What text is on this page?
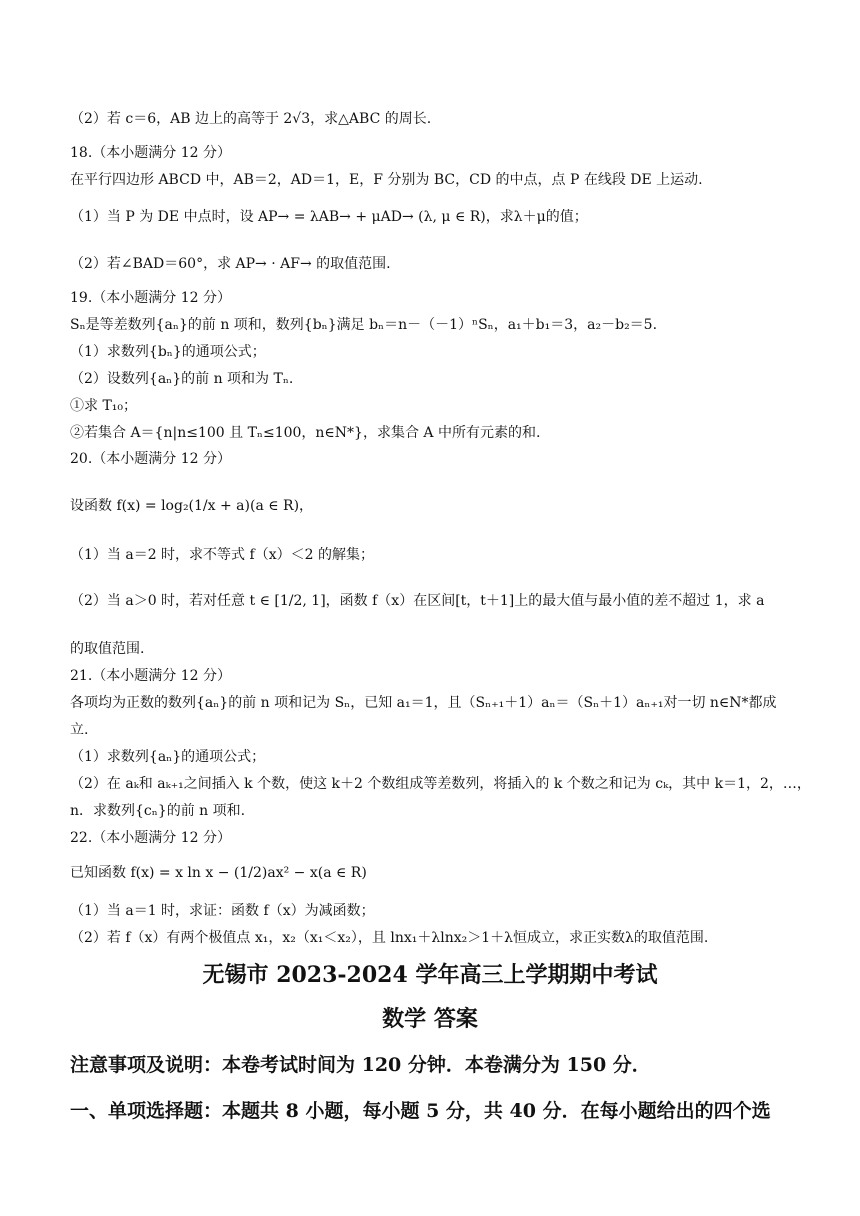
（2）若 c＝6，AB 边上的高等于 2√3，求△ABC 的周长.
18.（本小题满分 12 分）
在平行四边形 ABCD 中，AB＝2，AD＝1，E，F 分别为 BC，CD 的中点，点 P 在线段 DE 上运动.
（1）当 P 为 DE 中点时，设 AP→ = λAB→ + μAD→ (λ, μ ∈ R)，求λ＋μ的值；
（2）若∠BAD＝60°，求 AP→ · AF→ 的取值范围.
19.（本小题满分 12 分）
Sₙ是等差数列{aₙ}的前 n 项和，数列{bₙ}满足 bₙ＝n－（－1）ⁿSₙ，a₁＋b₁＝3，a₂－b₂＝5.
（1）求数列{bₙ}的通项公式；
（2）设数列{aₙ}的前 n 项和为 Tₙ.
①求 T₁₀；
②若集合 A＝{n|n≤100 且 Tₙ≤100，n∈N*}，求集合 A 中所有元素的和.
20.（本小题满分 12 分）
设函数 f(x) = log₂(1/x + a)(a ∈ R)，
（1）当 a＝2 时，求不等式 f（x）＜2 的解集；
（2）当 a＞0 时，若对任意 t ∈ [1/2, 1]，函数 f（x）在区间[t，t＋1]上的最大值与最小值的差不超过 1，求 a
的取值范围.
21.（本小题满分 12 分）
各项均为正数的数列{aₙ}的前 n 项和记为 Sₙ，已知 a₁＝1，且（Sₙ₊₁＋1）aₙ＝（Sₙ＋1）aₙ₊₁对一切 n∈N*都成
立.
（1）求数列{aₙ}的通项公式；
（2）在 aₖ和 aₖ₊₁之间插入 k 个数，使这 k＋2 个数组成等差数列，将插入的 k 个数之和记为 cₖ，其中 k＝1，2，…，
n．求数列{cₙ}的前 n 项和.
22.（本小题满分 12 分）
已知函数 f(x) = x ln x − (1/2)ax² − x(a ∈ R)
（1）当 a＝1 时，求证：函数 f（x）为减函数；
（2）若 f（x）有两个极值点 x₁，x₂（x₁＜x₂），且 lnx₁＋λlnx₂＞1＋λ恒成立，求正实数λ的取值范围.
无锡市 2023-2024 学年高三上学期期中考试
数学 答案
注意事项及说明：本卷考试时间为 120 分钟．本卷满分为 150 分．
一、单项选择题：本题共 8 小题，每小题 5 分，共 40 分．在每小题给出的四个选
